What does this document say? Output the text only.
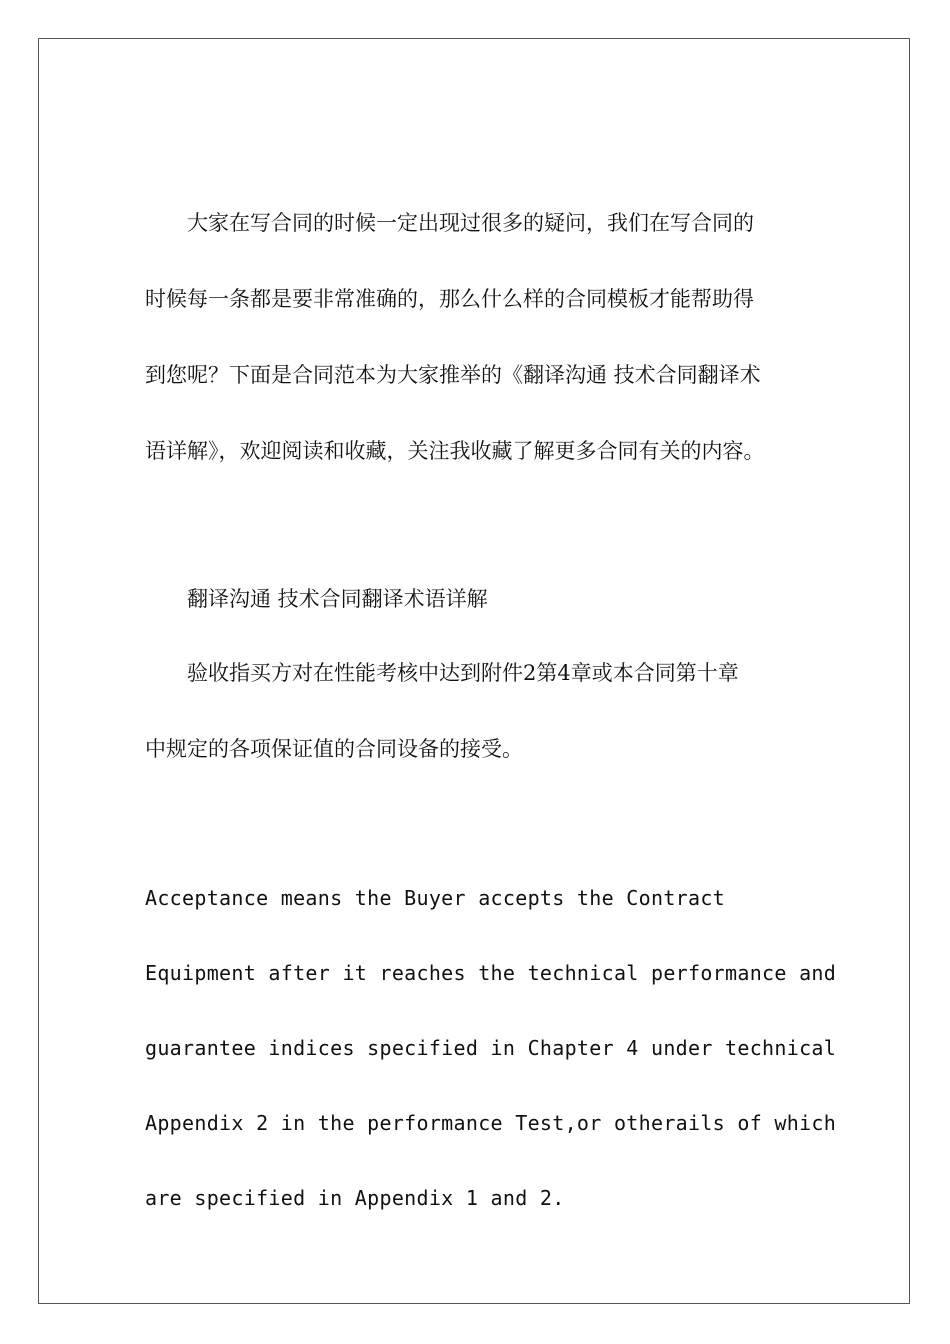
　　大家在写合同的时候一定出现过很多的疑问，我们在写合同的

时候每一条都是要非常准确的，那么什么样的合同模板才能帮助得

到您呢？下面是合同范本为大家推举的《翻译沟通 技术合同翻译术

语详解》，欢迎阅读和收藏，关注我收藏了解更多合同有关的内容。

　　翻译沟通 技术合同翻译术语详解

　　验收指买方对在性能考核中达到附件2第4章或本合同第十章

中规定的各项保证值的合同设备的接受。

Acceptance means the Buyer accepts the Contract
Equipment after it reaches the technical performance and
guarantee indices specified in Chapter 4 under technical
Appendix 2 in the performance Test,or otherails of which
are specified in Appendix 1 and 2.
